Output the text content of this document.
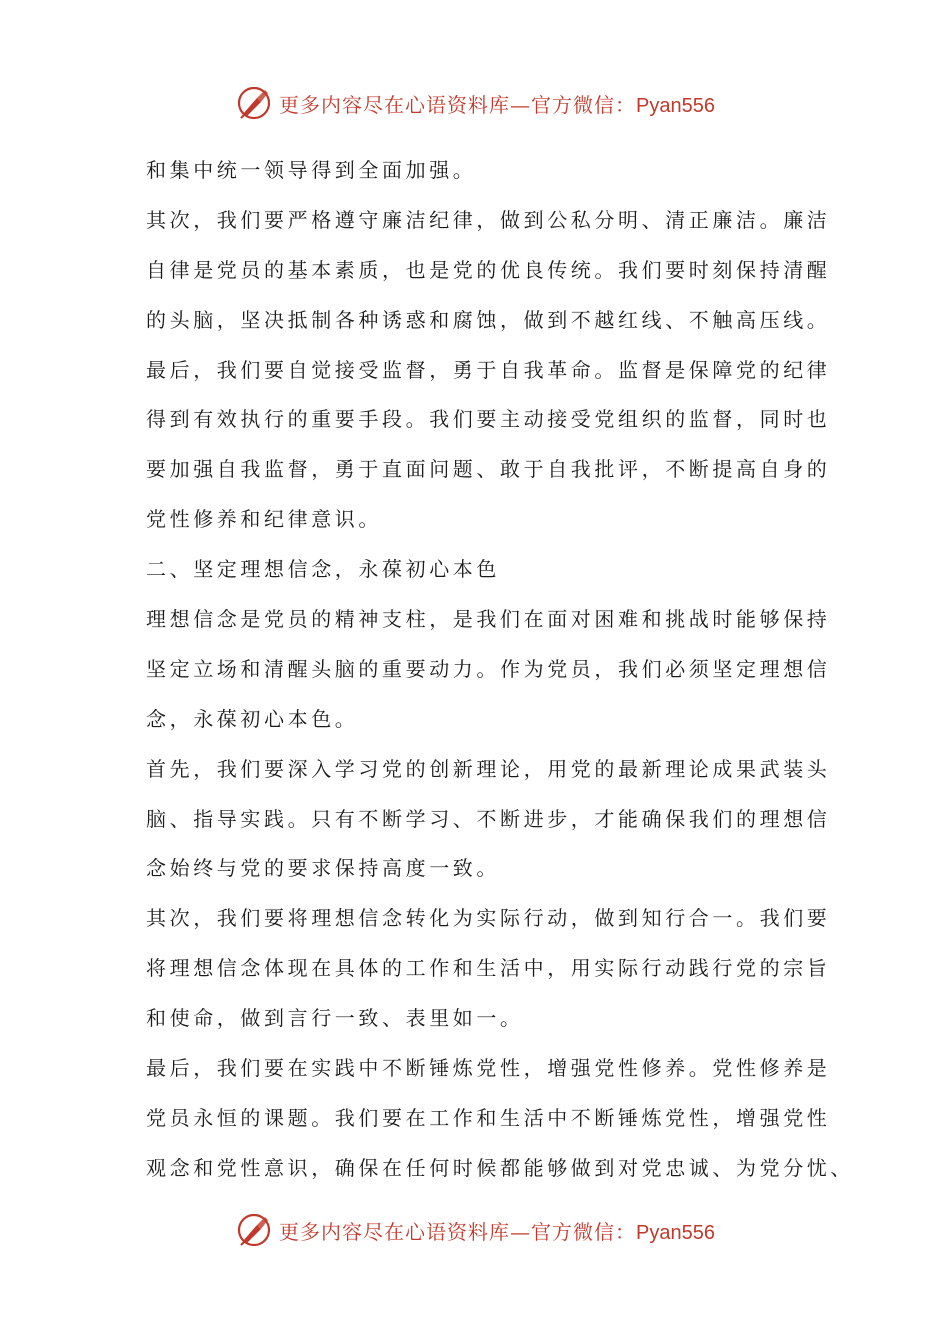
更多内容尽在心语资料库—官方微信：Pyan556
和集中统一领导得到全面加强。
其次，我们要严格遵守廉洁纪律，做到公私分明、清正廉洁。廉洁
自律是党员的基本素质，也是党的优良传统。我们要时刻保持清醒
的头脑，坚决抵制各种诱惑和腐蚀，做到不越红线、不触高压线。
最后，我们要自觉接受监督，勇于自我革命。监督是保障党的纪律
得到有效执行的重要手段。我们要主动接受党组织的监督，同时也
要加强自我监督，勇于直面问题、敢于自我批评，不断提高自身的
党性修养和纪律意识。
二、坚定理想信念，永葆初心本色
理想信念是党员的精神支柱，是我们在面对困难和挑战时能够保持
坚定立场和清醒头脑的重要动力。作为党员，我们必须坚定理想信
念，永葆初心本色。
首先，我们要深入学习党的创新理论，用党的最新理论成果武装头
脑、指导实践。只有不断学习、不断进步，才能确保我们的理想信
念始终与党的要求保持高度一致。
其次，我们要将理想信念转化为实际行动，做到知行合一。我们要
将理想信念体现在具体的工作和生活中，用实际行动践行党的宗旨
和使命，做到言行一致、表里如一。
最后，我们要在实践中不断锤炼党性，增强党性修养。党性修养是
党员永恒的课题。我们要在工作和生活中不断锤炼党性，增强党性
观念和党性意识，确保在任何时候都能够做到对党忠诚、为党分忧、
更多内容尽在心语资料库—官方微信：Pyan556
